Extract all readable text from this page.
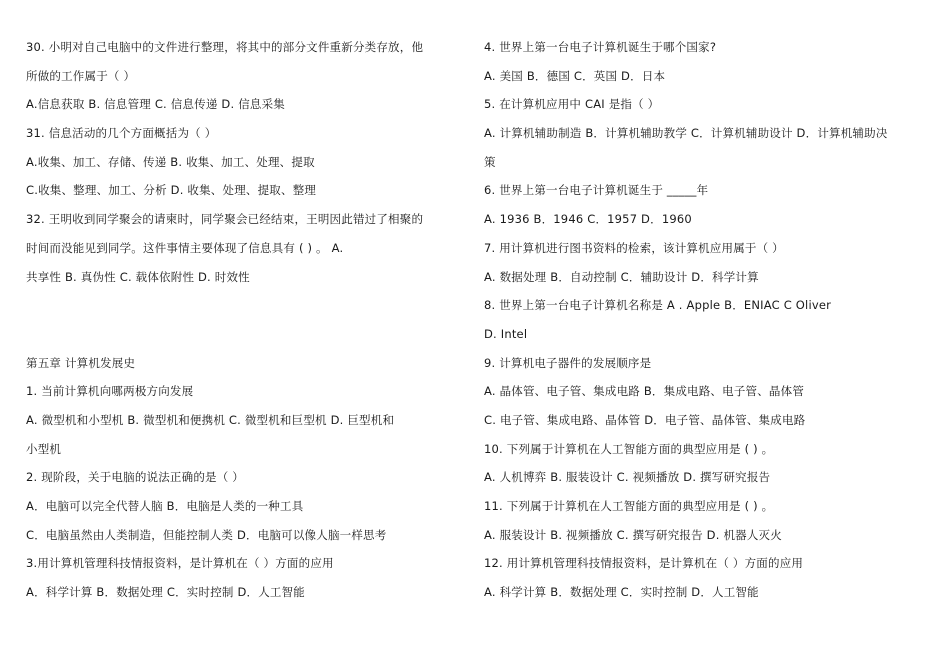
30. 小明对自己电脑中的文件进行整理，将其中的部分文件重新分类存放，他
所做的工作属于（ ）
A.信息获取 B. 信息管理 C. 信息传递 D. 信息采集
31. 信息活动的几个方面概括为（ ）
A.收集、加工、存储、传递 B. 收集、加工、处理、提取
C.收集、整理、加工、分析 D. 收集、处理、提取、整理
32. 王明收到同学聚会的请柬时，同学聚会已经结束，王明因此错过了相聚的
时间而没能见到同学。这件事情主要体现了信息具有 ( ) 。 A.
共享性 B. 真伪性 C. 载体依附性 D. 时效性
第五章 计算机发展史
1. 当前计算机向哪两极方向发展
A. 微型机和小型机 B. 微型机和便携机 C. 微型机和巨型机 D. 巨型机和
小型机
2. 现阶段，关于电脑的说法正确的是（ ）
A．电脑可以完全代替人脑 B．电脑是人类的一种工具
C．电脑虽然由人类制造，但能控制人类 D．电脑可以像人脑一样思考
3.用计算机管理科技情报资料，是计算机在（ ）方面的应用
A．科学计算 B．数据处理 C．实时控制 D．人工智能
4. 世界上第一台电子计算机诞生于哪个国家?
A. 美国 B．德国 C．英国 D．日本
5. 在计算机应用中 CAI 是指（ ）
A. 计算机辅助制造 B．计算机辅助教学 C．计算机辅助设计 D．计算机辅助决
策
6. 世界上第一台电子计算机诞生于 _____年
A. 1936 B．1946 C．1957 D．1960
7. 用计算机进行图书资料的检索，该计算机应用属于（ ）
A. 数据处理 B．自动控制 C．辅助设计 D．科学计算
8. 世界上第一台电子计算机名称是 A . Apple B．ENIAC C Oliver
D. Intel
9. 计算机电子器件的发展顺序是
A. 晶体管、电子管、集成电路 B．集成电路、电子管、晶体管
C. 电子管、集成电路、晶体管 D．电子管、晶体管、集成电路
10. 下列属于计算机在人工智能方面的典型应用是 ( ) 。
A. 人机博弈 B. 服装设计 C. 视频播放 D. 撰写研究报告
11. 下列属于计算机在人工智能方面的典型应用是 ( ) 。
A. 服装设计 B. 视频播放 C. 撰写研究报告 D. 机器人灭火
12. 用计算机管理科技情报资料，是计算机在（ ）方面的应用
A. 科学计算 B．数据处理 C．实时控制 D．人工智能
